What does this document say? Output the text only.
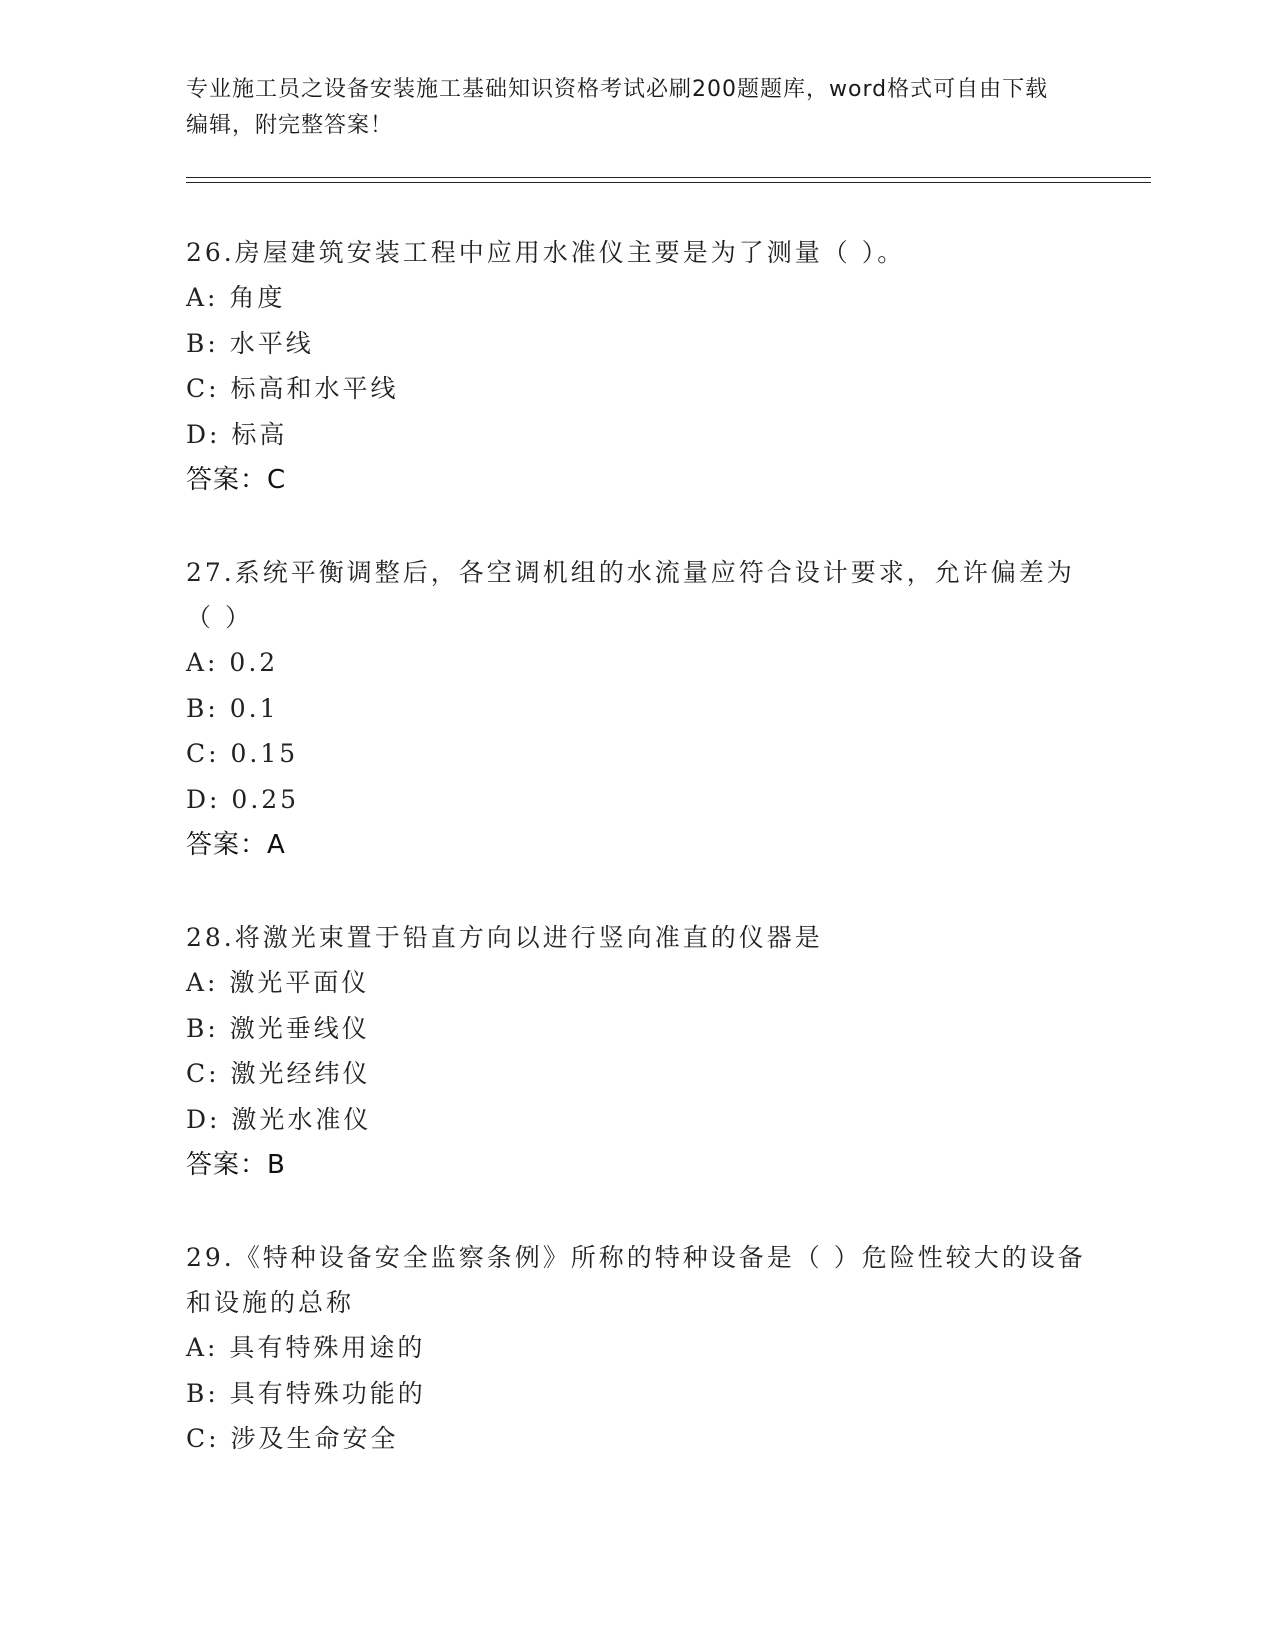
专业施工员之设备安装施工基础知识资格考试必刷200题题库，word格式可自由下载编辑，附完整答案！
26.房屋建筑安装工程中应用水准仪主要是为了测量（ ）。
A: 角度
B: 水平线
C: 标高和水平线
D: 标高
答案：C
27.系统平衡调整后，各空调机组的水流量应符合设计要求，允许偏差为（ ）
A: 0.2
B: 0.1
C: 0.15
D: 0.25
答案：A
28.将激光束置于铅直方向以进行竖向准直的仪器是
A: 激光平面仪
B: 激光垂线仪
C: 激光经纬仪
D: 激光水准仪
答案：B
29.《特种设备安全监察条例》所称的特种设备是（ ）危险性较大的设备和设施的总称
A: 具有特殊用途的
B: 具有特殊功能的
C: 涉及生命安全
